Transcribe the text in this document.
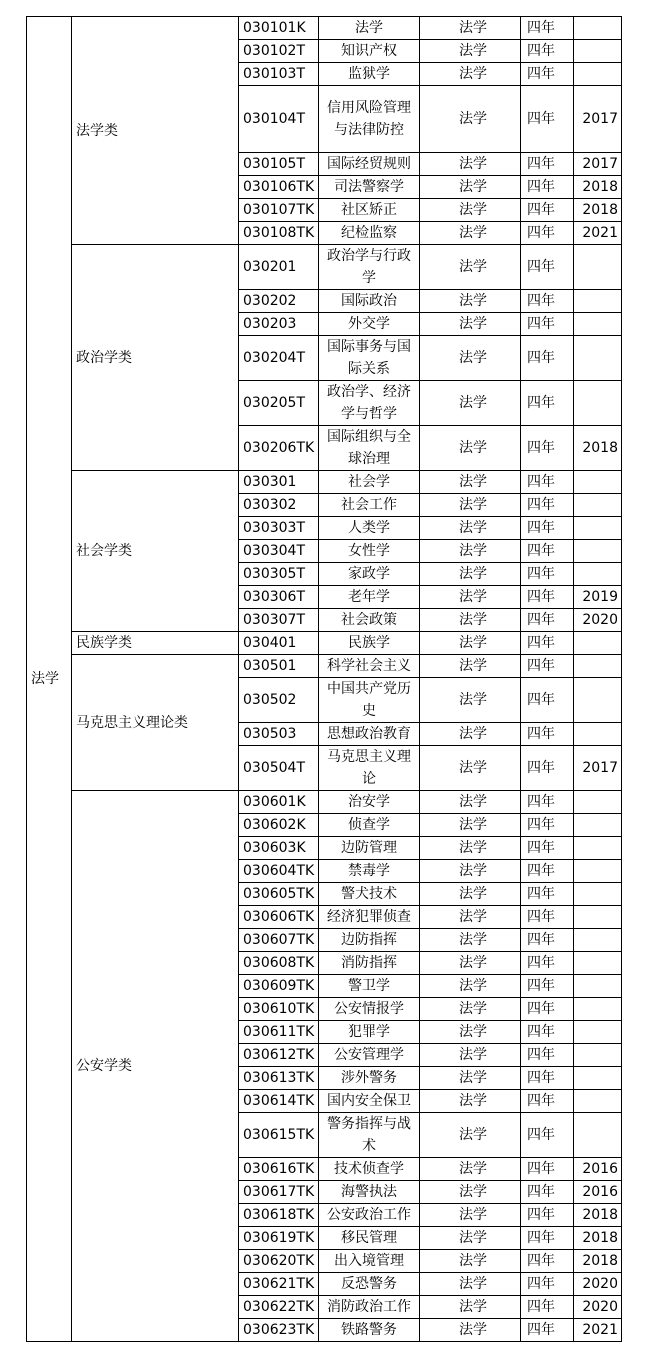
法学	法学类	030101K	法学	法学	四年	
		030102T	知识产权	法学	四年	
		030103T	监狱学	法学	四年	
		030104T	信用风险管理与法律防控	法学	四年	2017
		030105T	国际经贸规则	法学	四年	2017
		030106TK	司法警察学	法学	四年	2018
		030107TK	社区矫正	法学	四年	2018
		030108TK	纪检监察	法学	四年	2021
	政治学类	030201	政治学与行政学	法学	四年	
		030202	国际政治	法学	四年	
		030203	外交学	法学	四年	
		030204T	国际事务与国际关系	法学	四年	
		030205T	政治学、经济学与哲学	法学	四年	
		030206TK	国际组织与全球治理	法学	四年	2018
	社会学类	030301	社会学	法学	四年	
		030302	社会工作	法学	四年	
		030303T	人类学	法学	四年	
		030304T	女性学	法学	四年	
		030305T	家政学	法学	四年	
		030306T	老年学	法学	四年	2019
		030307T	社会政策	法学	四年	2020
	民族学类	030401	民族学	法学	四年	
	马克思主义理论类	030501	科学社会主义	法学	四年	
		030502	中国共产党历史	法学	四年	
		030503	思想政治教育	法学	四年	
		030504T	马克思主义理论	法学	四年	2017
	公安学类	030601K	治安学	法学	四年	
		030602K	侦查学	法学	四年	
		030603K	边防管理	法学	四年	
		030604TK	禁毒学	法学	四年	
		030605TK	警犬技术	法学	四年	
		030606TK	经济犯罪侦查	法学	四年	
		030607TK	边防指挥	法学	四年	
		030608TK	消防指挥	法学	四年	
		030609TK	警卫学	法学	四年	
		030610TK	公安情报学	法学	四年	
		030611TK	犯罪学	法学	四年	
		030612TK	公安管理学	法学	四年	
		030613TK	涉外警务	法学	四年	
		030614TK	国内安全保卫	法学	四年	
		030615TK	警务指挥与战术	法学	四年	
		030616TK	技术侦查学	法学	四年	2016
		030617TK	海警执法	法学	四年	2016
		030618TK	公安政治工作	法学	四年	2018
		030619TK	移民管理	法学	四年	2018
		030620TK	出入境管理	法学	四年	2018
		030621TK	反恐警务	法学	四年	2020
		030622TK	消防政治工作	法学	四年	2020
		030623TK	铁路警务	法学	四年	2021
